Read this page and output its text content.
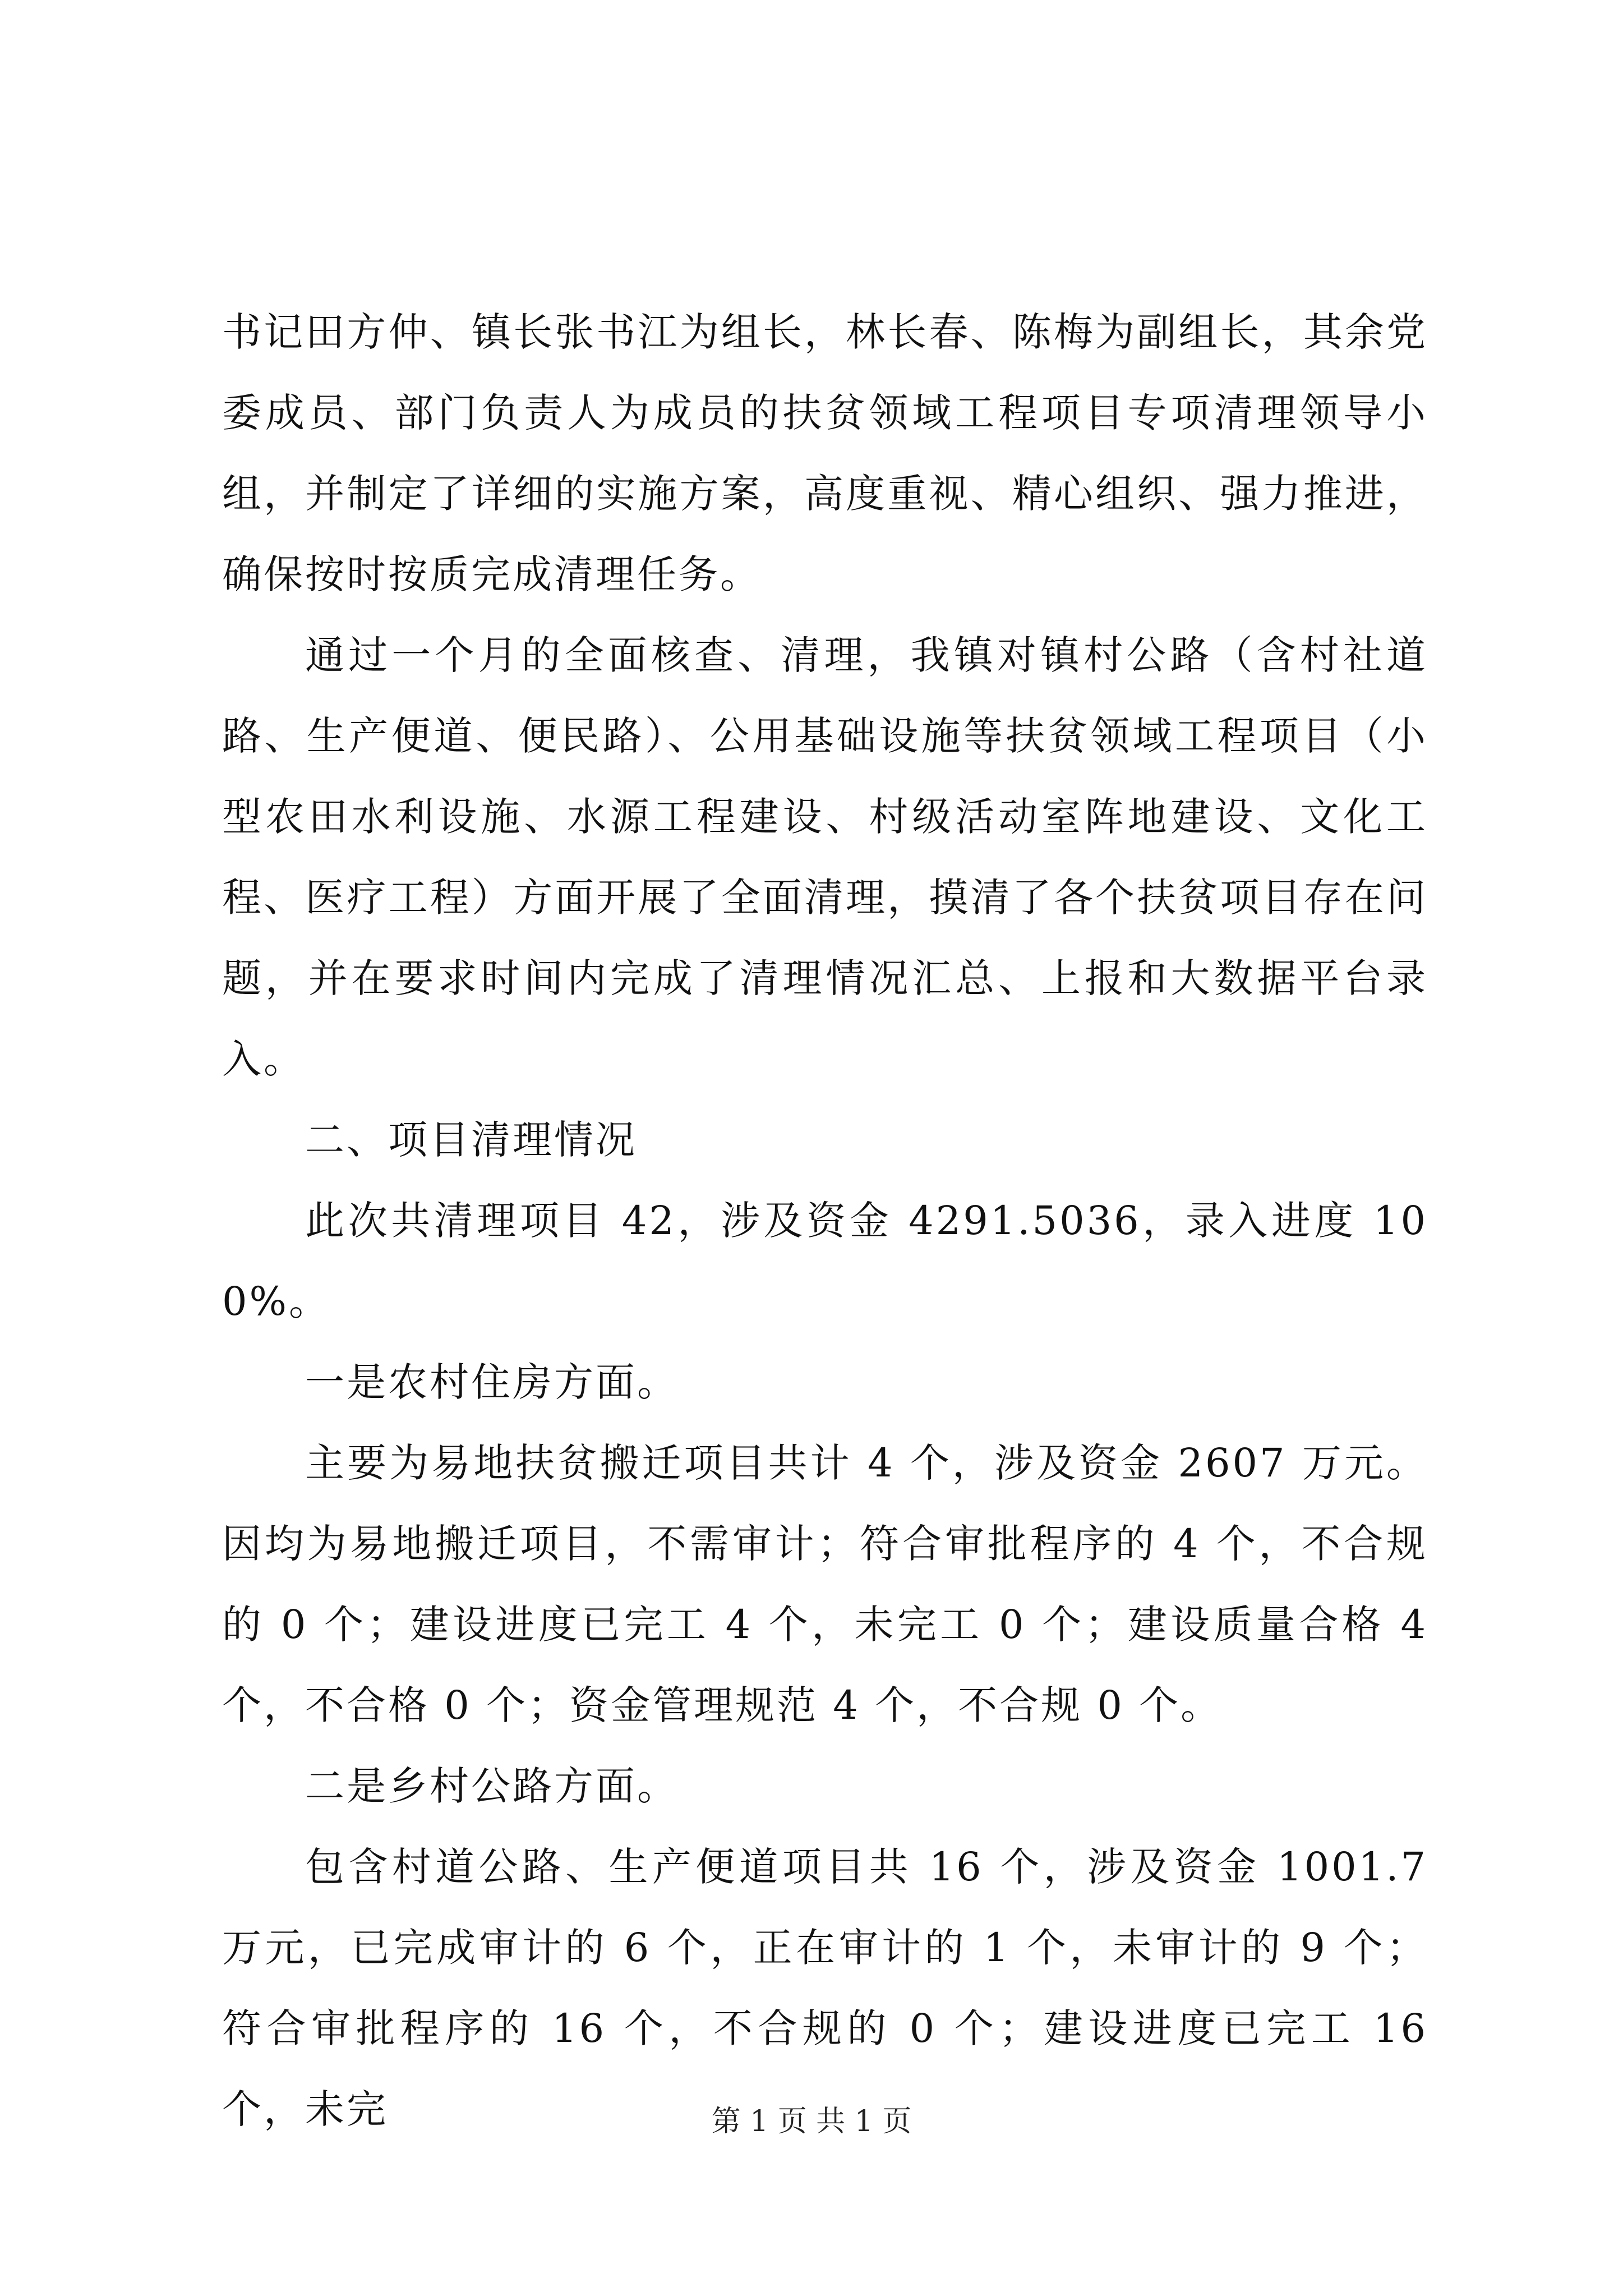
书记田方仲、镇长张书江为组长，林长春、陈梅为副组长，其余党委成员、部门负责人为成员的扶贫领域工程项目专项清理领导小组，并制定了详细的实施方案，高度重视、精心组织、强力推进，确保按时按质完成清理任务。

通过一个月的全面核查、清理，我镇对镇村公路（含村社道路、生产便道、便民路）、公用基础设施等扶贫领域工程项目（小型农田水利设施、水源工程建设、村级活动室阵地建设、文化工程、医疗工程）方面开展了全面清理，摸清了各个扶贫项目存在问题，并在要求时间内完成了清理情况汇总、上报和大数据平台录入。

二、项目清理情况

此次共清理项目 42，涉及资金 4291.5036，录入进度 100%。

一是农村住房方面。

主要为易地扶贫搬迁项目共计 4 个，涉及资金 2607 万元。因均为易地搬迁项目，不需审计；符合审批程序的 4 个，不合规的 0 个；建设进度已完工 4 个，未完工 0 个；建设质量合格 4 个，不合格 0 个；资金管理规范 4 个，不合规 0 个。

二是乡村公路方面。

包含村道公路、生产便道项目共 16 个，涉及资金 1001.7 万元，已完成审计的 6 个，正在审计的 1 个，未审计的 9 个；符合审批程序的 16 个，不合规的 0 个；建设进度已完工 16 个，未完	第 1 页 共 1 页
